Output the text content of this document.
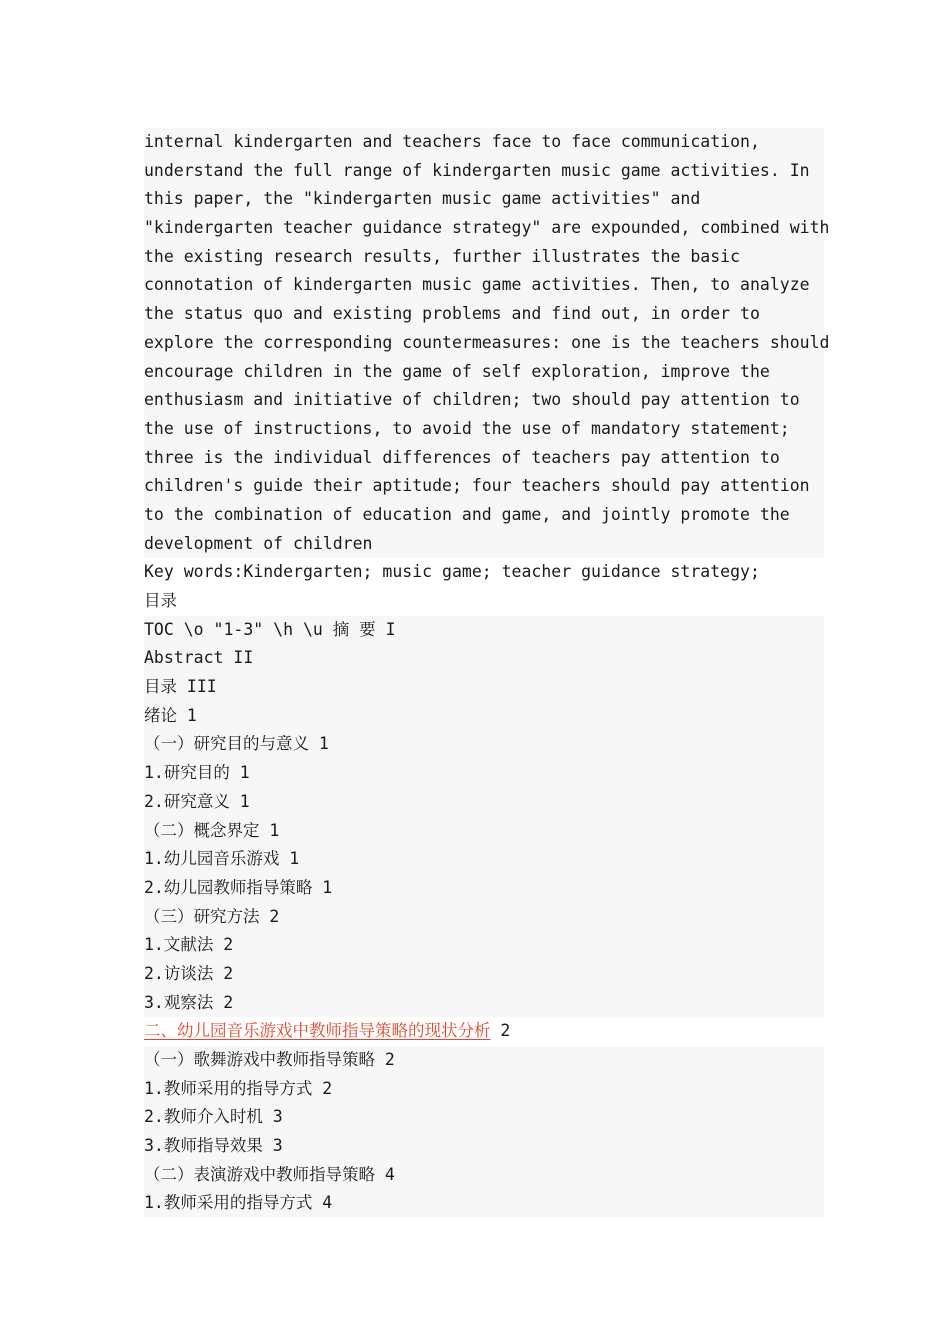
internal kindergarten and teachers face to face communication,
understand the full range of kindergarten music game activities. In
this paper, the "kindergarten music game activities" and
"kindergarten teacher guidance strategy" are expounded, combined with
the existing research results, further illustrates the basic
connotation of kindergarten music game activities. Then, to analyze
the status quo and existing problems and find out, in order to
explore the corresponding countermeasures: one is the teachers should
encourage children in the game of self exploration, improve the
enthusiasm and initiative of children; two should pay attention to
the use of instructions, to avoid the use of mandatory statement;
three is the individual differences of teachers pay attention to
children's guide their aptitude; four teachers should pay attention
to the combination of education and game, and jointly promote the
development of children
Key words:Kindergarten; music game; teacher guidance strategy;
目录
TOC \o "1-3" \h \u 摘 要 I
Abstract II
目录 III
绪论 1
（一）研究目的与意义 1
1.研究目的 1
2.研究意义 1
（二）概念界定 1
1.幼儿园音乐游戏 1
2.幼儿园教师指导策略 1
（三）研究方法 2
1.文献法 2
2.访谈法 2
3.观察法 2
二、幼儿园音乐游戏中教师指导策略的现状分析 2
（一）歌舞游戏中教师指导策略 2
1.教师采用的指导方式 2
2.教师介入时机 3
3.教师指导效果 3
（二）表演游戏中教师指导策略 4
1.教师采用的指导方式 4
